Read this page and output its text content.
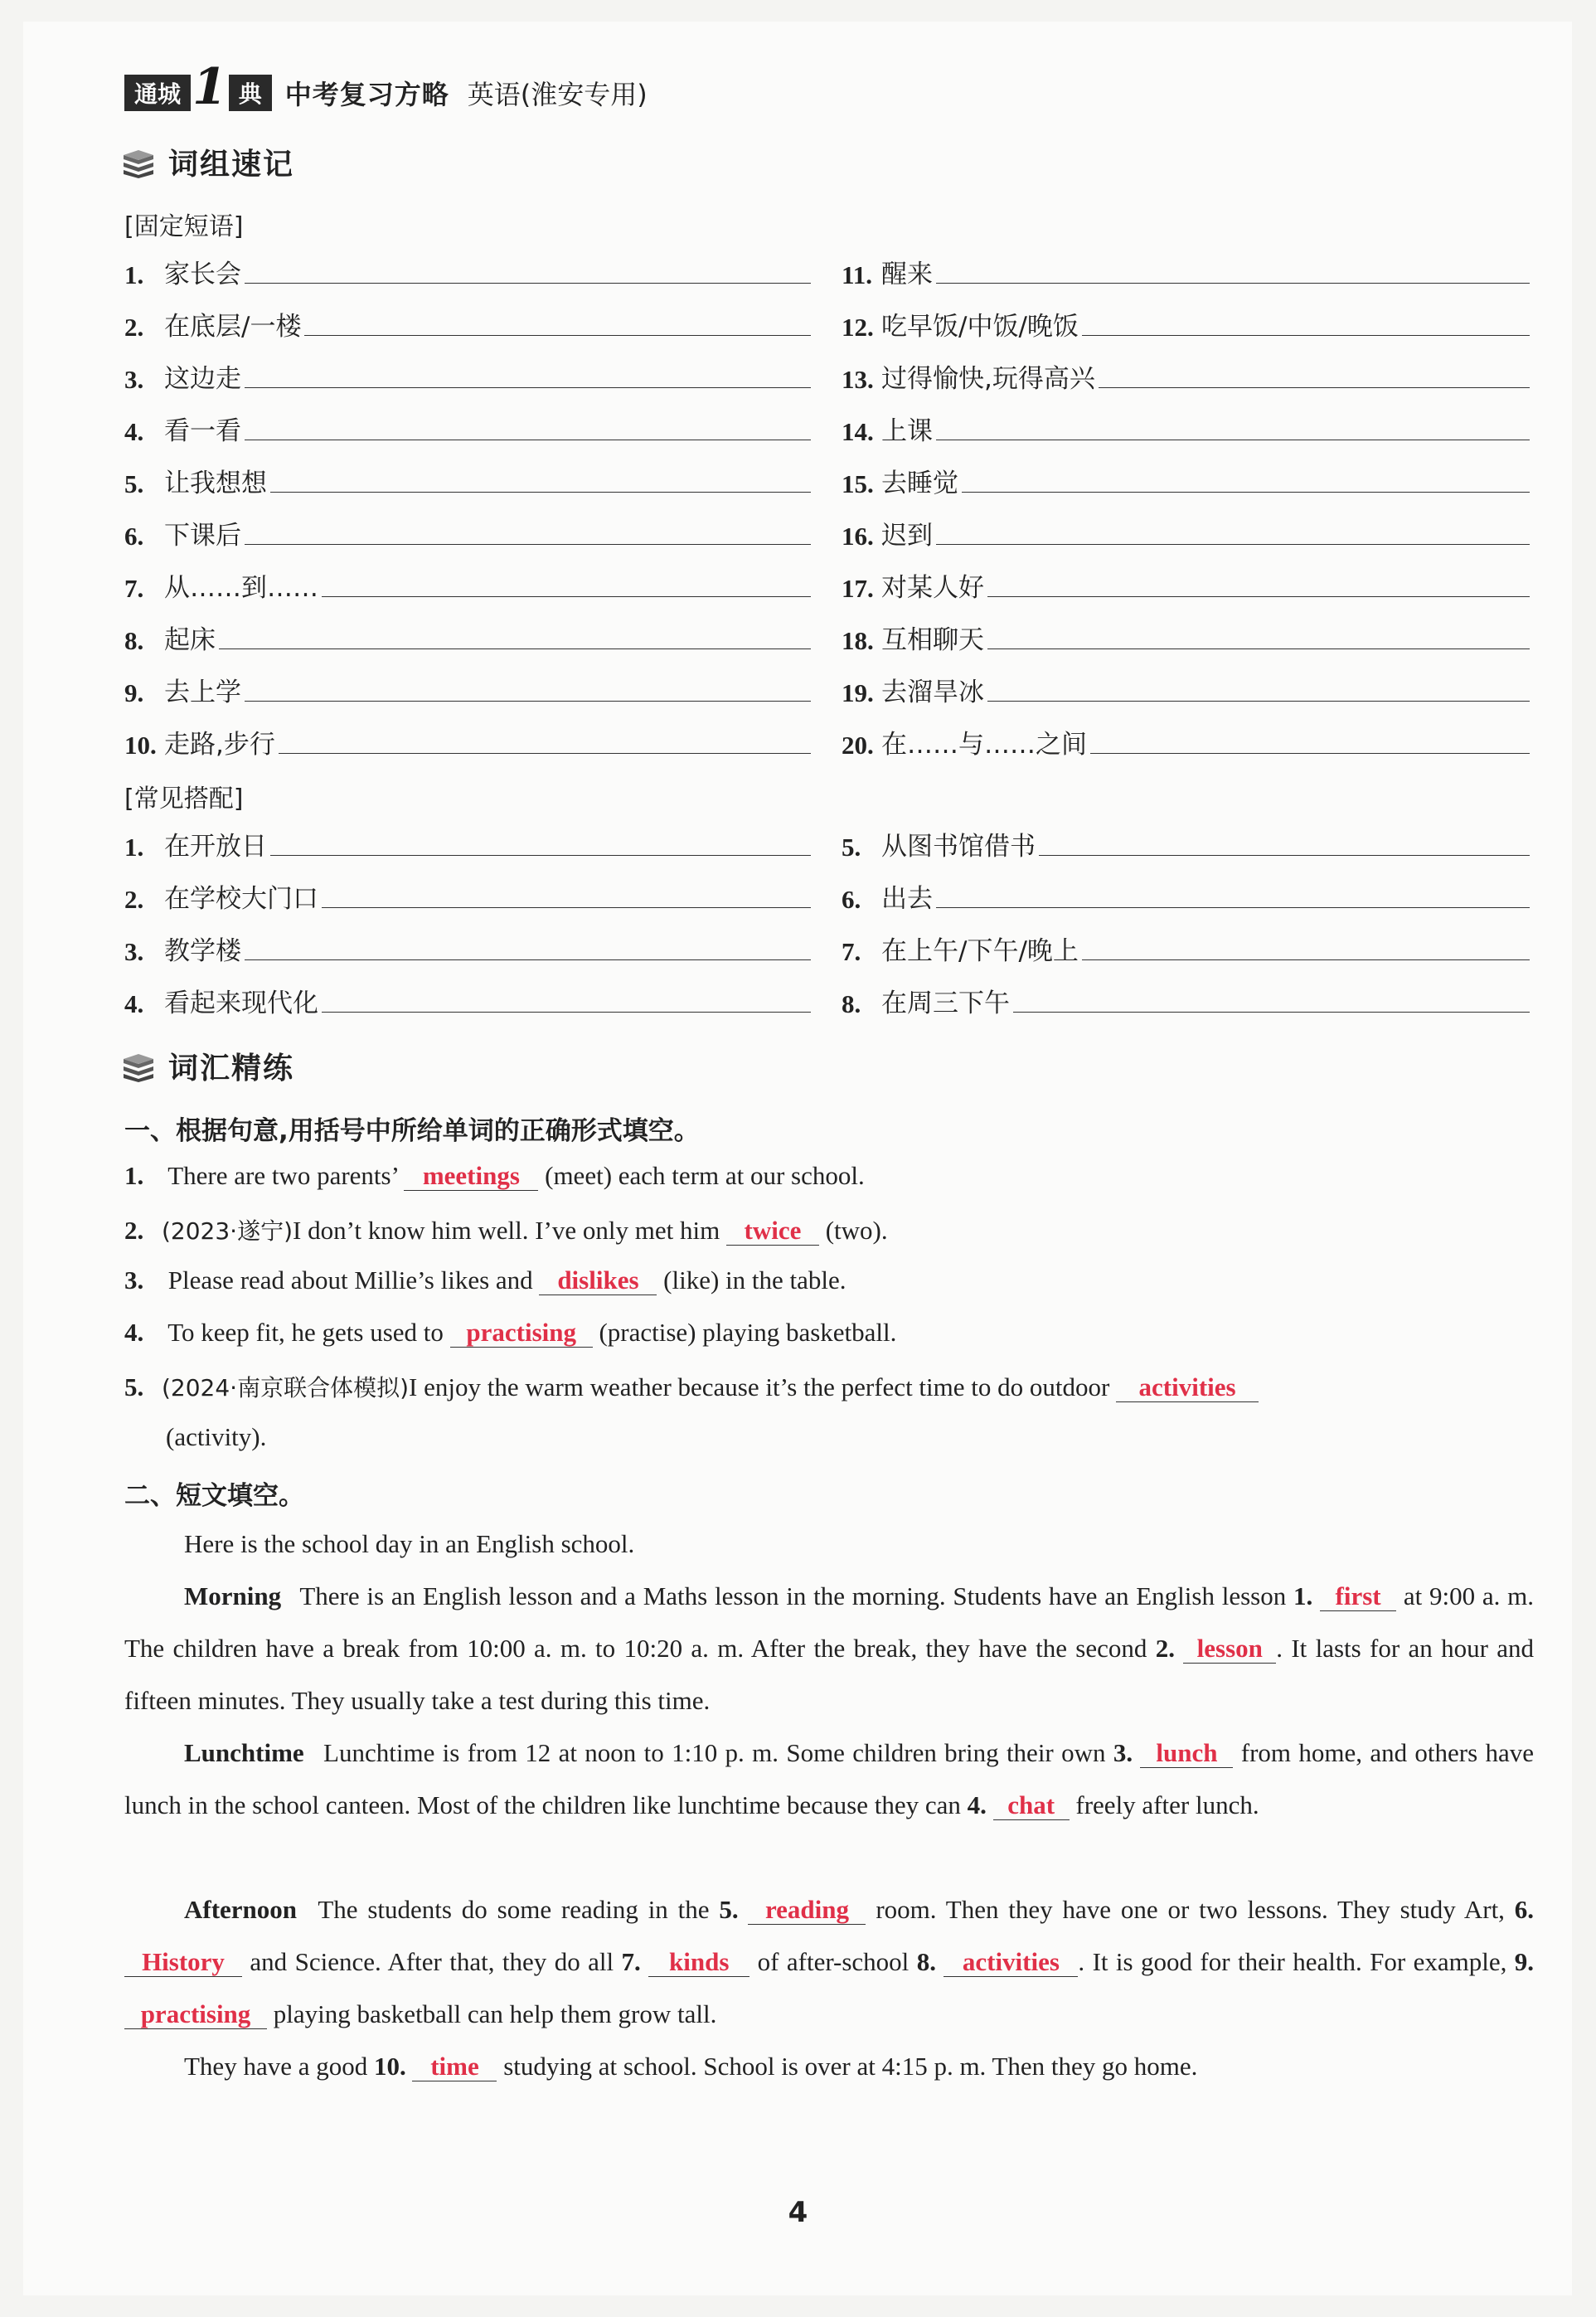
通城 1 典 中考复习方略 英语(淮安专用)
词组速记
[固定短语]
1. 家长会
2. 在底层/一楼
3. 这边走
4. 看一看
5. 让我想想
6. 下课后
7. 从……到……
8. 起床
9. 去上学
10. 走路,步行
11. 醒来
12. 吃早饭/中饭/晚饭
13. 过得愉快,玩得高兴
14. 上课
15. 去睡觉
16. 迟到
17. 对某人好
18. 互相聊天
19. 去溜旱冰
20. 在……与……之间
[常见搭配]
1. 在开放日
2. 在学校大门口
3. 教学楼
4. 看起来现代化
5. 从图书馆借书
6. 出去
7. 在上午/下午/晚上
8. 在周三下午
词汇精练
一、根据句意,用括号中所给单词的正确形式填空。
1. There are two parents’ meetings (meet) each term at our school.
2. (2023·遂宁)I don’t know him well. I’ve only met him twice (two).
3. Please read about Millie’s likes and dislikes (like) in the table.
4. To keep fit, he gets used to practising (practise) playing basketball.
5. (2024·南京联合体模拟)I enjoy the warm weather because it’s the perfect time to do outdoor activities
(activity).
二、短文填空。
Here is the school day in an English school.
Morning There is an English lesson and a Maths lesson in the morning. Students have an English lesson 1. first at 9:00 a. m. The children have a break from 10:00 a. m. to 10:20 a. m. After the break, they have the second 2. lesson . It lasts for an hour and fifteen minutes. They usually take a test during this time.
Lunchtime Lunchtime is from 12 at noon to 1:10 p. m. Some children bring their own 3. lunch from home, and others have lunch in the school canteen. Most of the children like lunchtime because they can 4. chat freely after lunch.
Afternoon The students do some reading in the 5. reading room. Then they have one or two lessons. They study Art, 6. History and Science. After that, they do all 7. kinds of after-school 8. activities . It is good for their health. For example, 9. practising playing basketball can help them grow tall.
They have a good 10. time studying at school. School is over at 4:15 p. m. Then they go home.
4
